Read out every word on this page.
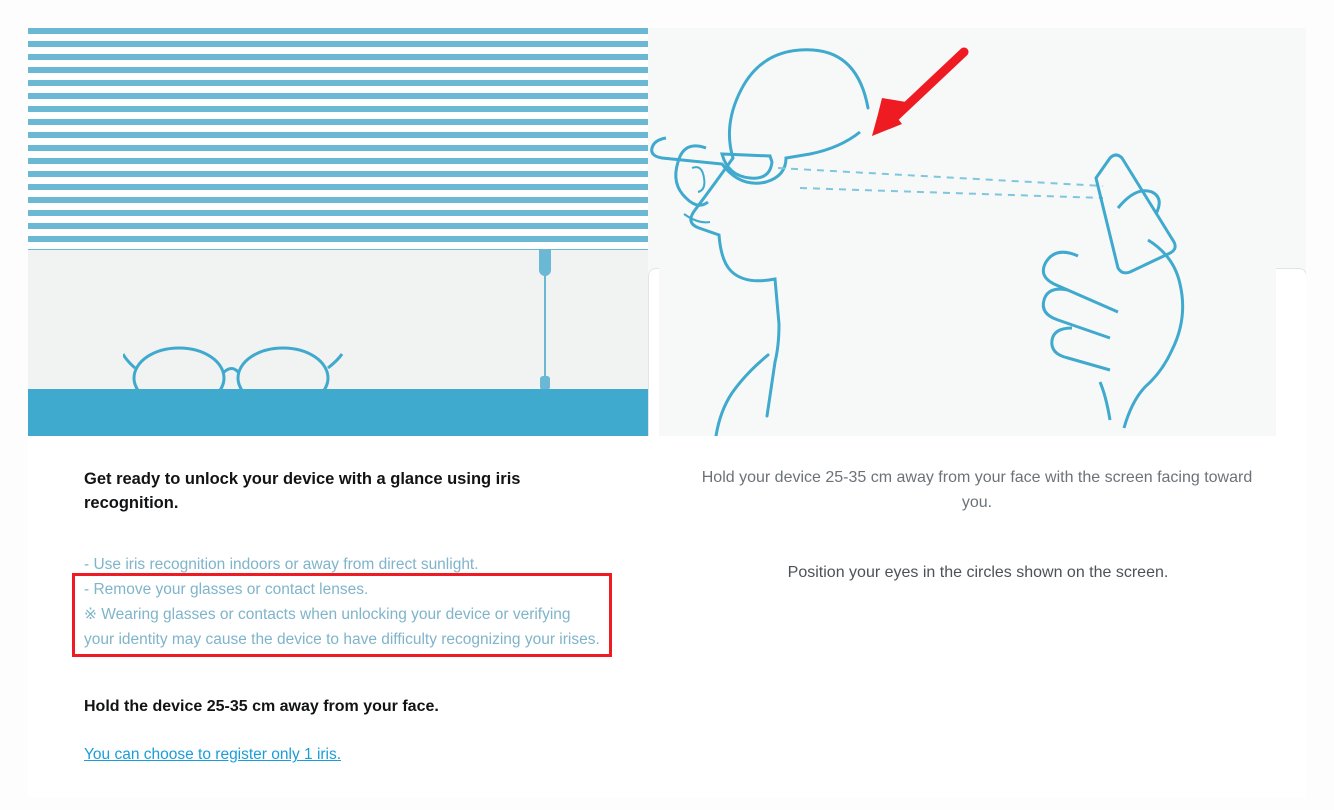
Get ready to unlock your device with a glance using iris recognition.

- Use iris recognition indoors or away from direct sunlight.
- Remove your glasses or contact lenses.
※ Wearing glasses or contacts when unlocking your device or verifying your identity may cause the device to have difficulty recognizing your irises.

Hold the device 25-35 cm away from your face.

You can choose to register only 1 iris.
Hold your device 25-35 cm away from your face with the screen facing toward you.
Position your eyes in the circles shown on the screen.
